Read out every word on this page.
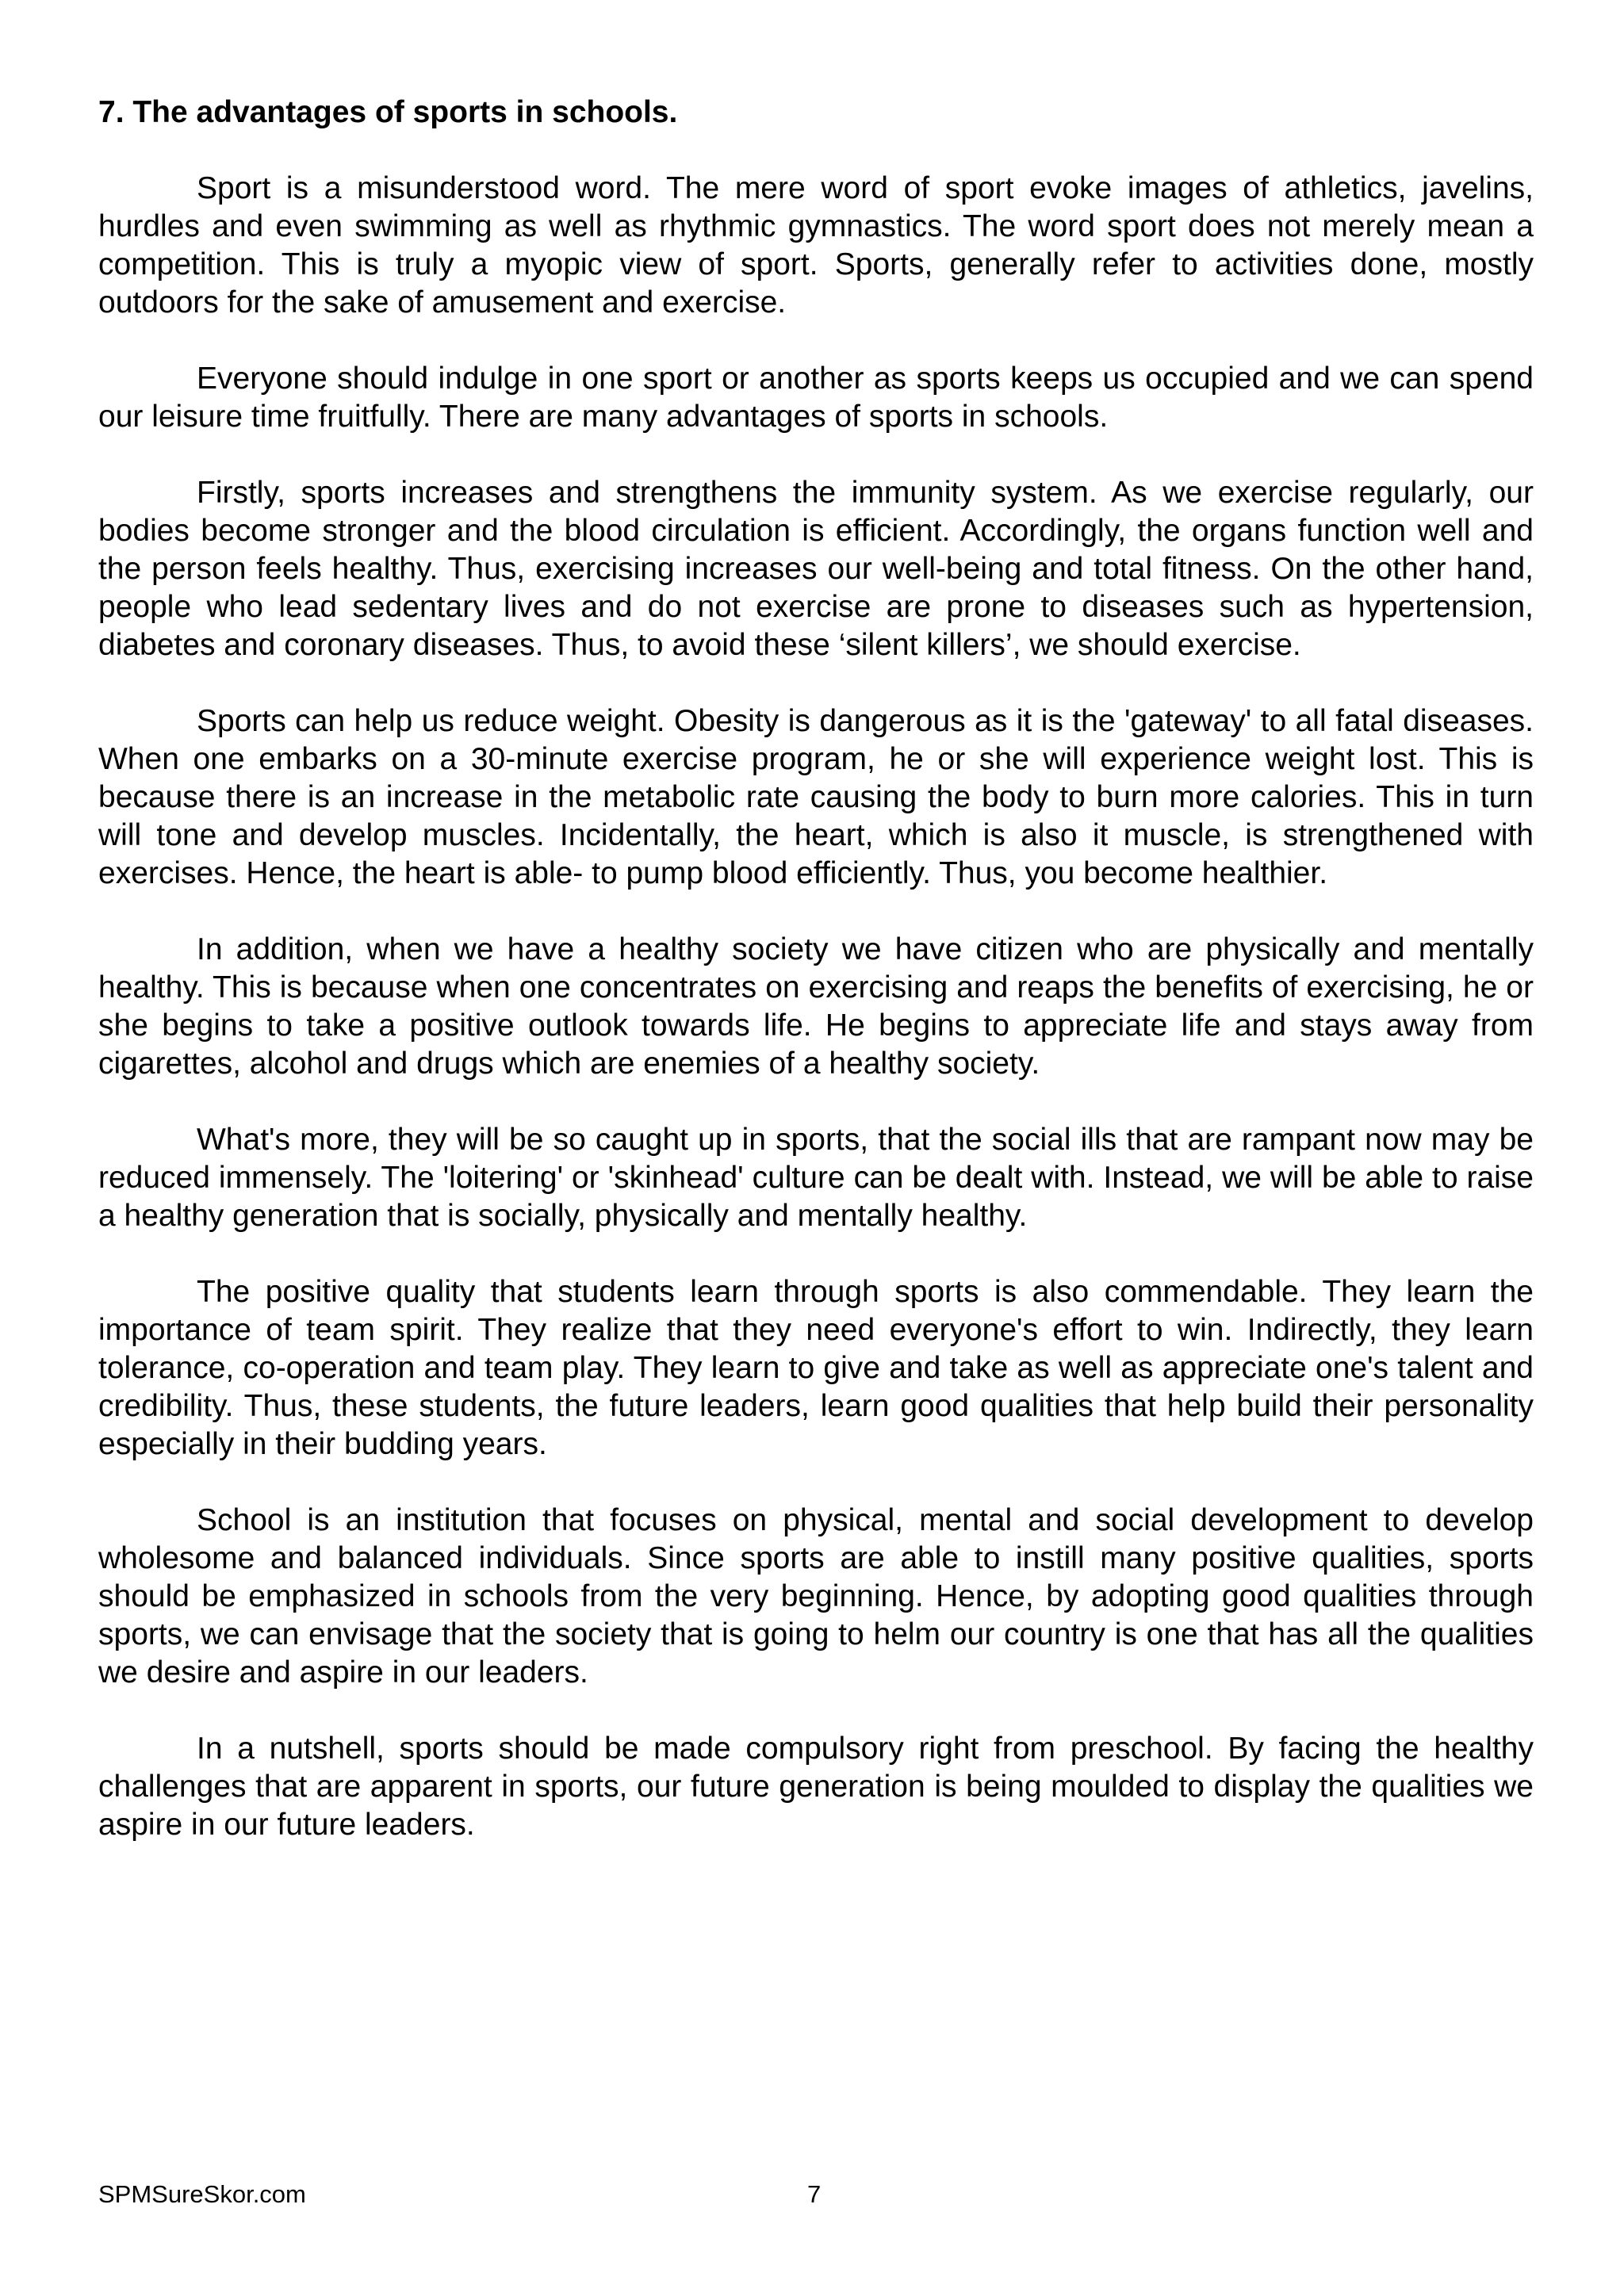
7. The advantages of sports in schools.

Sport is a misunderstood word. The mere word of sport evoke images of athletics, javelins, hurdles and even swimming as well as rhythmic gymnastics. The word sport does not merely mean a competition. This is truly a myopic view of sport. Sports, generally refer to activities done, mostly outdoors for the sake of amusement and exercise.

Everyone should indulge in one sport or another as sports keeps us occupied and we can spend our leisure time fruitfully. There are many advantages of sports in schools.

Firstly, sports increases and strengthens the immunity system. As we exercise regularly, our bodies become stronger and the blood circulation is efficient. Accordingly, the organs function well and the person feels healthy. Thus, exercising increases our well-being and total fitness. On the other hand, people who lead sedentary lives and do not exercise are prone to diseases such as hypertension, diabetes and coronary diseases. Thus, to avoid these ‘silent killers’, we should exercise.

Sports can help us reduce weight. Obesity is dangerous as it is the 'gateway' to all fatal diseases. When one embarks on a 30-minute exercise program, he or she will experience weight lost. This is because there is an increase in the metabolic rate causing the body to burn more calories. This in turn will tone and develop muscles. Incidentally, the heart, which is also it muscle, is strengthened with exercises. Hence, the heart is able- to pump blood efficiently. Thus, you become healthier.

In addition, when we have a healthy society we have citizen who are physically and mentally healthy. This is because when one concentrates on exercising and reaps the benefits of exercising, he or she begins to take a positive outlook towards life. He begins to appreciate life and stays away from cigarettes, alcohol and drugs which are enemies of a healthy society.

What's more, they will be so caught up in sports, that the social ills that are rampant now may be reduced immensely. The 'loitering' or 'skinhead' culture can be dealt with. Instead, we will be able to raise a healthy generation that is socially, physically and mentally healthy.

The positive quality that students learn through sports is also commendable. They learn the importance of team spirit. They realize that they need everyone's effort to win. Indirectly, they learn tolerance, co-operation and team play. They learn to give and take as well as appreciate one's talent and credibility. Thus, these students, the future leaders, learn good qualities that help build their personality especially in their budding years.

School is an institution that focuses on physical, mental and social development to develop wholesome and balanced individuals. Since sports are able to instill many positive qualities, sports should be emphasized in schools from the very beginning. Hence, by adopting good qualities through sports, we can envisage that the society that is going to helm our country is one that has all the qualities we desire and aspire in our leaders.

In a nutshell, sports should be made compulsory right from preschool. By facing the healthy challenges that are apparent in sports, our future generation is being moulded to display the qualities we aspire in our future leaders.

SPMSureSkor.com	7
